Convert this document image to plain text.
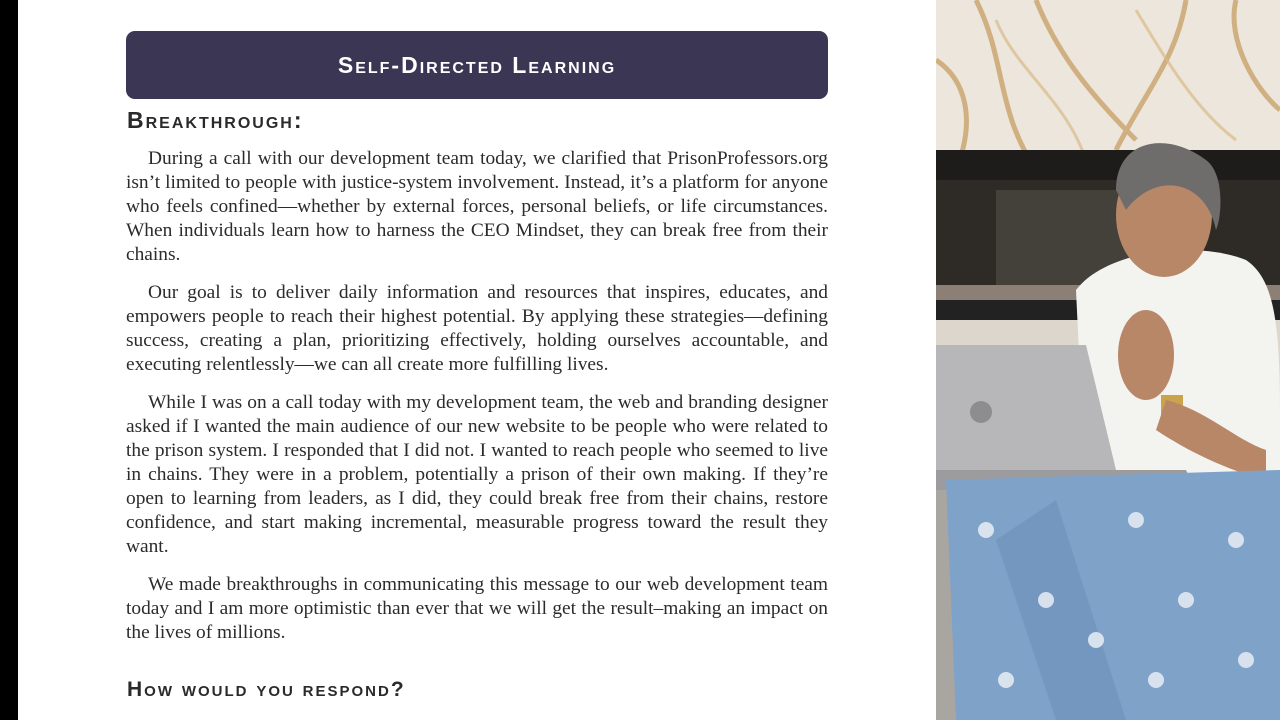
Self-Directed Learning
Breakthrough:

During a call with our development team today, we clarified that PrisonProfessors.org isn’t limited to people with justice-system involvement. Instead, it’s a platform for anyone who feels confined—whether by external forces, personal beliefs, or life circumstances. When individuals learn how to harness the CEO Mindset, they can break free from their chains.

Our goal is to deliver daily information and resources that inspires, educates, and empowers people to reach their highest potential. By applying these strategies—defining success, creating a plan, prioritizing effectively, holding ourselves accountable, and executing relentlessly—we can all create more fulfilling lives.

While I was on a call today with my development team, the web and branding designer asked if I wanted the main audience of our new website to be people who were related to the prison system. I responded that I did not. I wanted to reach people who seemed to live in chains. They were in a problem, potentially a prison of their own making. If they’re open to learning from leaders, as I did, they could break free from their chains, restore confidence, and start making incremental, measurable progress toward the result they want.

We made breakthroughs in communicating this message to our web development team today and I am more optimistic than ever that we will get the result–making an impact on the lives of millions.

How would you respond?
